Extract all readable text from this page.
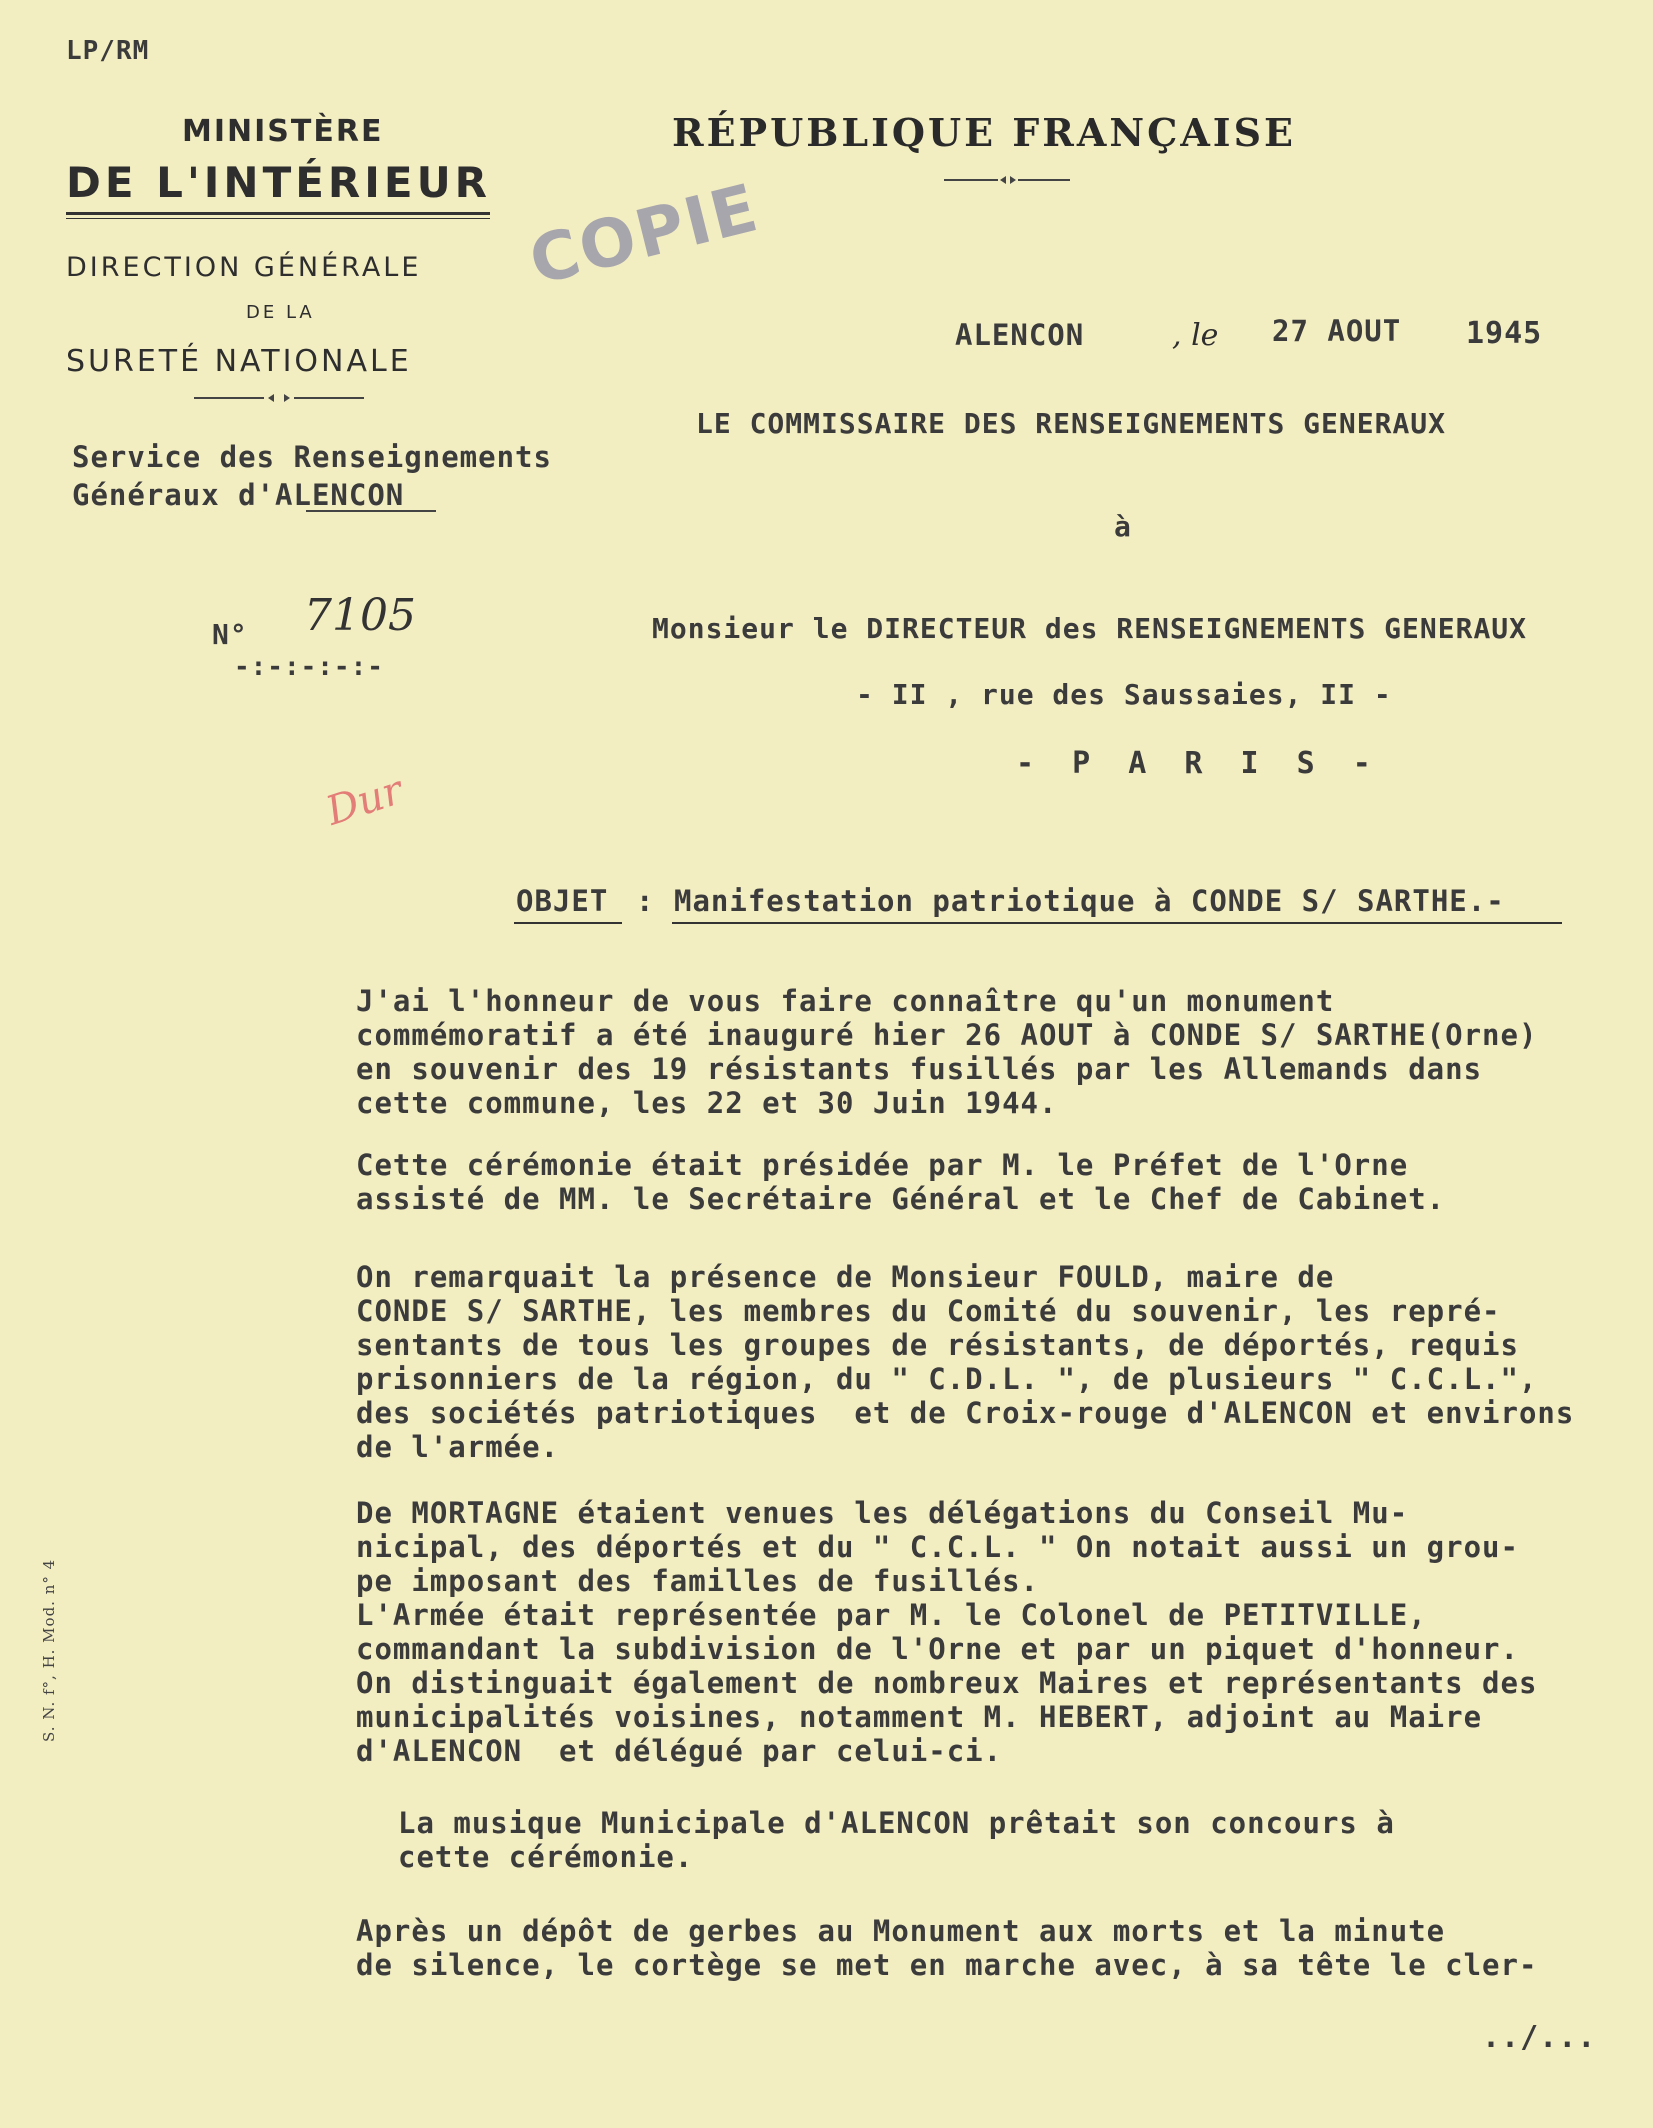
LP/RM
MINISTÈRE
DE L'INTÉRIEUR
DIRECTION GÉNÉRALE
DE LA
SURETÉ NATIONALE
Service des Renseignements
Généraux d'ALENCON
RÉPUBLIQUE FRANÇAISE
COPIE
ALENCON	, le 27 AOUT 1945
LE COMMISSAIRE DES RENSEIGNEMENTS GENERAUX
à
Monsieur le DIRECTEUR des RENSEIGNEMENTS GENERAUX
- II , rue des Saussaies, II -
- P A R I S -
N° 7105
-:-:-:-:-
Dur
OBJET : Manifestation patriotique à CONDE S/ SARTHE.-
J'ai l'honneur de vous faire connaître qu'un monument
commémoratif a été inauguré hier 26 AOUT à CONDE S/ SARTHE(Orne)
en souvenir des 19 résistants fusillés par les Allemands dans
cette commune, les 22 et 30 Juin 1944.
Cette cérémonie était présidée par M. le Préfet de l'Orne
assisté de MM. le Secrétaire Général et le Chef de Cabinet.
On remarquait la présence de Monsieur FOULD, maire de
CONDE S/ SARTHE, les membres du Comité du souvenir, les repré-
sentants de tous les groupes de résistants, de déportés, requis
prisonniers de la région, du " C.D.L. ", de plusieurs " C.C.L.",
des sociétés patriotiques  et de Croix-rouge d'ALENCON et environs
de l'armée.
De MORTAGNE étaient venues les délégations du Conseil Mu-
nicipal, des déportés et du " C.C.L. " On notait aussi un grou-
pe imposant des familles de fusillés.
L'Armée était représentée par M. le Colonel de PETITVILLE,
commandant la subdivision de l'Orne et par un piquet d'honneur.
On distinguait également de nombreux Maires et représentants des
municipalités voisines, notamment M. HEBERT, adjoint au Maire
d'ALENCON  et délégué par celui-ci.
La musique Municipale d'ALENCON prêtait son concours à
cette cérémonie.
Après un dépôt de gerbes au Monument aux morts et la minute
de silence, le cortège se met en marche avec, à sa tête le cler-
../...
S. N. f°, H. Mod. n° 4
